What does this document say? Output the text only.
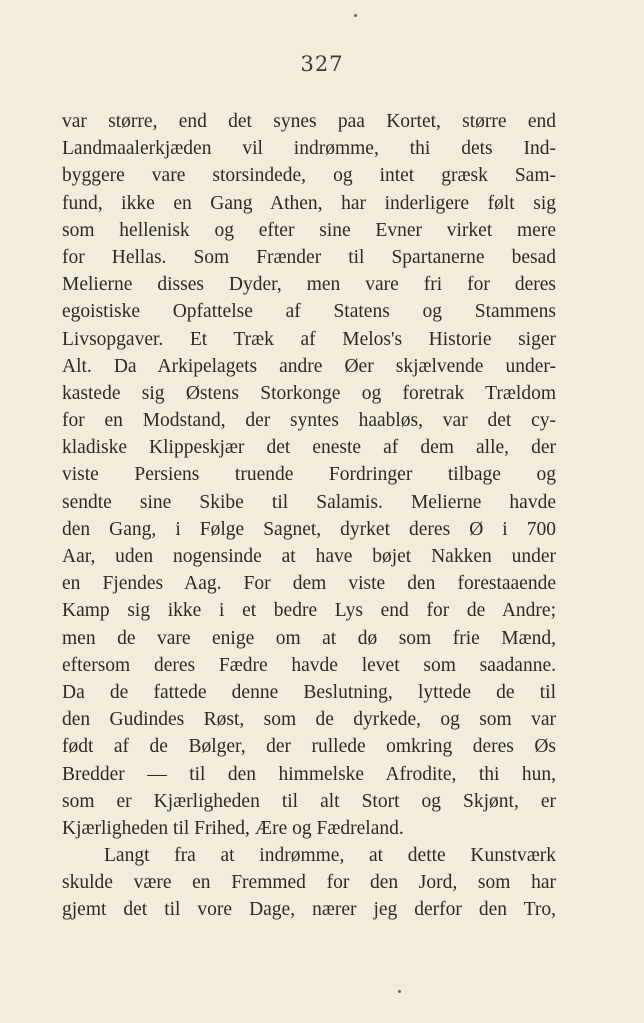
327
var større, end det synes paa Kortet, større end
Landmaalerkjæden vil indrømme, thi dets Ind-
byggere vare storsindede, og intet græsk Sam-
fund, ikke en Gang Athen, har inderligere følt sig
som hellenisk og efter sine Evner virket mere
for Hellas. Som Frænder til Spartanerne besad
Melierne disses Dyder, men vare fri for deres
egoistiske Opfattelse af Statens og Stammens
Livsopgaver. Et Træk af Melos's Historie siger
Alt. Da Arkipelagets andre Øer skjælvende under-
kastede sig Østens Storkonge og foretrak Trældom
for en Modstand, der syntes haabløs, var det cy-
kladiske Klippeskjær det eneste af dem alle, der
viste Persiens truende Fordringer tilbage og
sendte sine Skibe til Salamis. Melierne havde
den Gang, i Følge Sagnet, dyrket deres Ø i 700
Aar, uden nogensinde at have bøjet Nakken under
en Fjendes Aag. For dem viste den forestaaende
Kamp sig ikke i et bedre Lys end for de Andre;
men de vare enige om at dø som frie Mænd,
eftersom deres Fædre havde levet som saadanne.
Da de fattede denne Beslutning, lyttede de til
den Gudindes Røst, som de dyrkede, og som var
født af de Bølger, der rullede omkring deres Øs
Bredder — til den himmelske Afrodite, thi hun,
som er Kjærligheden til alt Stort og Skjønt, er
Kjærligheden til Frihed, Ære og Fædreland.
Langt fra at indrømme, at dette Kunstværk
skulde være en Fremmed for den Jord, som har
gjemt det til vore Dage, nærer jeg derfor den Tro,
